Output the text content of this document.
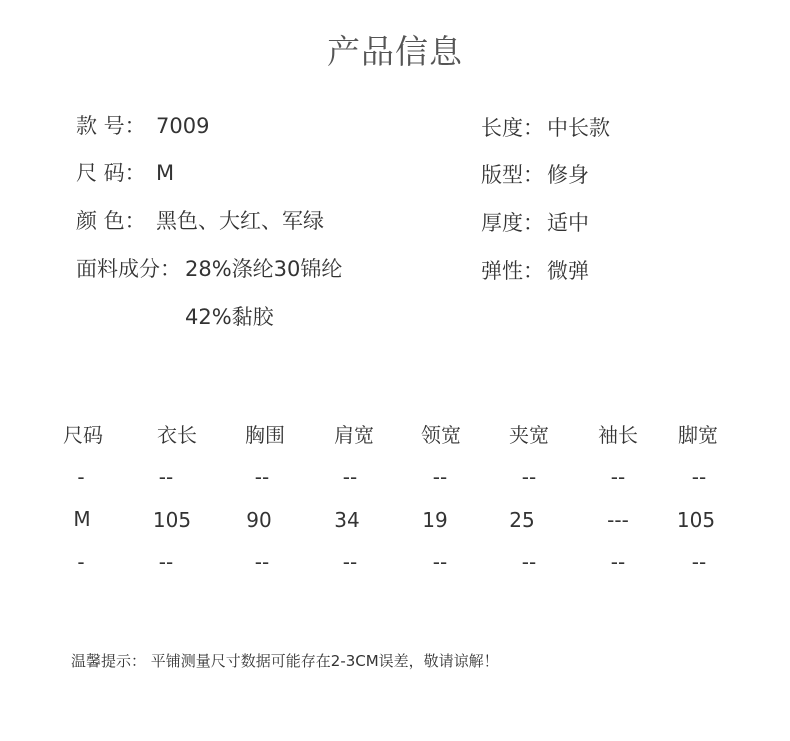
产品信息
款 号： 7009
尺 码： M
颜 色： 黑色、大红、军绿
面料成分： 28%涤纶30锦纶
42%黏胶
长度： 中长款
版型： 修身
厚度： 适中
弹性： 微弹
尺码	衣长 胸围 肩宽 领宽 夹宽 袖长 脚宽
-	--	--	--	--	--	--	--
M	105	90	34	19	25	--- 105
-	--	--	--	--	--	--	--
温馨提示： 平铺测量尺寸数据可能存在2-3CM误差，敬请谅解！
